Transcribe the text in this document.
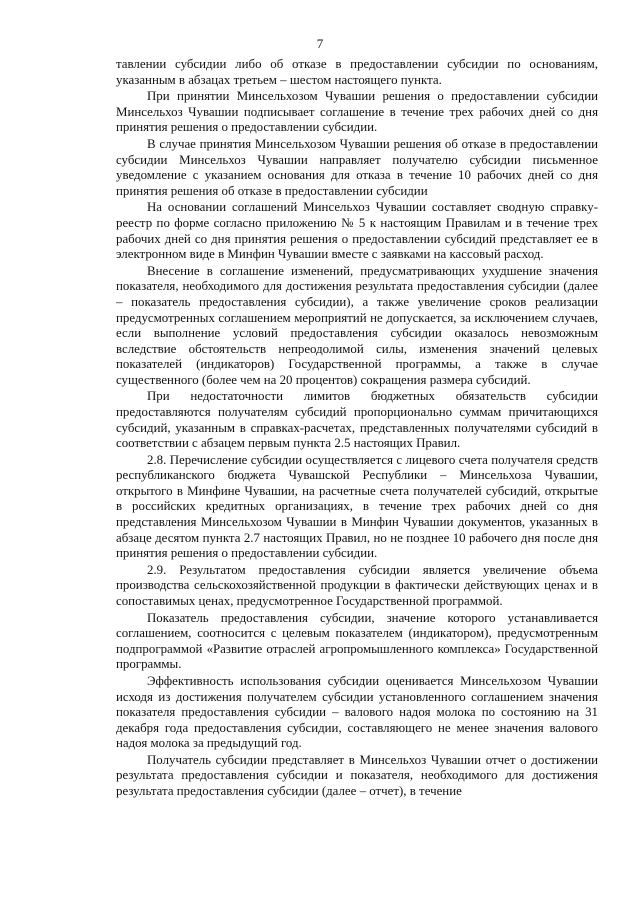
7

тавлении субсидии либо об отказе в предоставлении субсидии по основаниям, указанным в абзацах третьем – шестом настоящего пункта.

При принятии Минсельхозом Чувашии решения о предоставлении субсидии Минсельхоз Чувашии подписывает соглашение в течение трех рабочих дней со дня принятия решения о предоставлении субсидии.

В случае принятия Минсельхозом Чувашии решения об отказе в предоставлении субсидии Минсельхоз Чувашии направляет получателю субсидии письменное уведомление с указанием основания для отказа в течение 10 рабочих дней со дня принятия решения об отказе в предоставлении субсидии

На основании соглашений Минсельхоз Чувашии составляет сводную справку-реестр по форме согласно приложению № 5 к настоящим Правилам и в течение трех рабочих дней со дня принятия решения о предоставлении субсидий представляет ее в электронном виде в Минфин Чувашии вместе с заявками на кассовый расход.

Внесение в соглашение изменений, предусматривающих ухудшение значения показателя, необходимого для достижения результата предоставления субсидии (далее – показатель предоставления субсидии), а также увеличение сроков реализации предусмотренных соглашением мероприятий не допускается, за исключением случаев, если выполнение условий предоставления субсидии оказалось невозможным вследствие обстоятельств непреодолимой силы, изменения значений целевых показателей (индикаторов) Государственной программы, а также в случае существенного (более чем на 20 процентов) сокращения размера субсидий.

При недостаточности лимитов бюджетных обязательств субсидии предоставляются получателям субсидий пропорционально суммам причитающихся субсидий, указанным в справках-расчетах, представленных получателями субсидий в соответствии с абзацем первым пункта 2.5 настоящих Правил.

2.8. Перечисление субсидии осуществляется с лицевого счета получателя средств республиканского бюджета Чувашской Республики – Минсельхоза Чувашии, открытого в Минфине Чувашии, на расчетные счета получателей субсидий, открытые в российских кредитных организациях, в течение трех рабочих дней со дня представления Минсельхозом Чувашии в Минфин Чувашии документов, указанных в абзаце десятом пункта 2.7 настоящих Правил, но не позднее 10 рабочего дня после дня принятия решения о предоставлении субсидии.

2.9. Результатом предоставления субсидии является увеличение объема производства сельскохозяйственной продукции в фактически действующих ценах и в сопоставимых ценах, предусмотренное Государственной программой.

Показатель предоставления субсидии, значение которого устанавливается соглашением, соотносится с целевым показателем (индикатором), предусмотренным подпрограммой «Развитие отраслей агропромышленного комплекса» Государственной программы.

Эффективность использования субсидии оценивается Минсельхозом Чувашии исходя из достижения получателем субсидии установленного соглашением значения показателя предоставления субсидии – валового надоя молока по состоянию на 31 декабря года предоставления субсидии, составляющего не менее значения валового надоя молока за предыдущий год.

Получатель субсидии представляет в Минсельхоз Чувашии отчет о достижении результата предоставления субсидии и показателя, необходимого для достижения результата предоставления субсидии (далее – отчет), в течение
